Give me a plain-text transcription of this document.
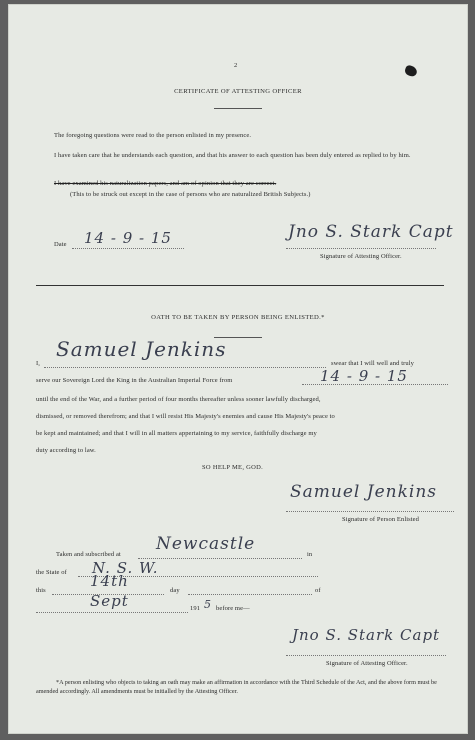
2
CERTIFICATE OF ATTESTING OFFICER
The foregoing questions were read to the person enlisted in my presence.
I have taken care that he understands each question, and that his answer to each question has been duly entered as replied to by him.
I have examined his naturalization papers, and am of opinion that they are correct.
(This to be struck out except in the case of persons who are naturalized British Subjects.)
Date 14 - 9 - 15	Jno S. Stark Capt
Signature of Attesting Officer.
OATH TO BE TAKEN BY PERSON BEING ENLISTED.*
I,
Samuel Jenkins
swear that I will well and truly
serve our Sovereign Lord the King in the Australian Imperial Force from	14 - 9 - 15
until the end of the War, and a further period of four months thereafter unless sooner lawfully discharged,
dismissed, or removed therefrom; and that I will resist His Majesty's enemies and cause His Majesty's peace to
be kept and maintained; and that I will in all matters appertaining to my service, faithfully discharge my
duty according to law.
SO HELP ME, GOD.
Samuel Jenkins
Signature of Person Enlisted
Taken and subscribed at
Newcastle
in
the State of N. S. W.
this
14th
day	of
Sept	191 5 before me—
Jno S. Stark Capt
Signature of Attesting Officer.
*A person enlisting who objects to taking an oath may make an affirmation in accordance with the Third Schedule of the Act, and the above form must be amended accordingly. All amendments must be initialled by the Attesting Officer.
